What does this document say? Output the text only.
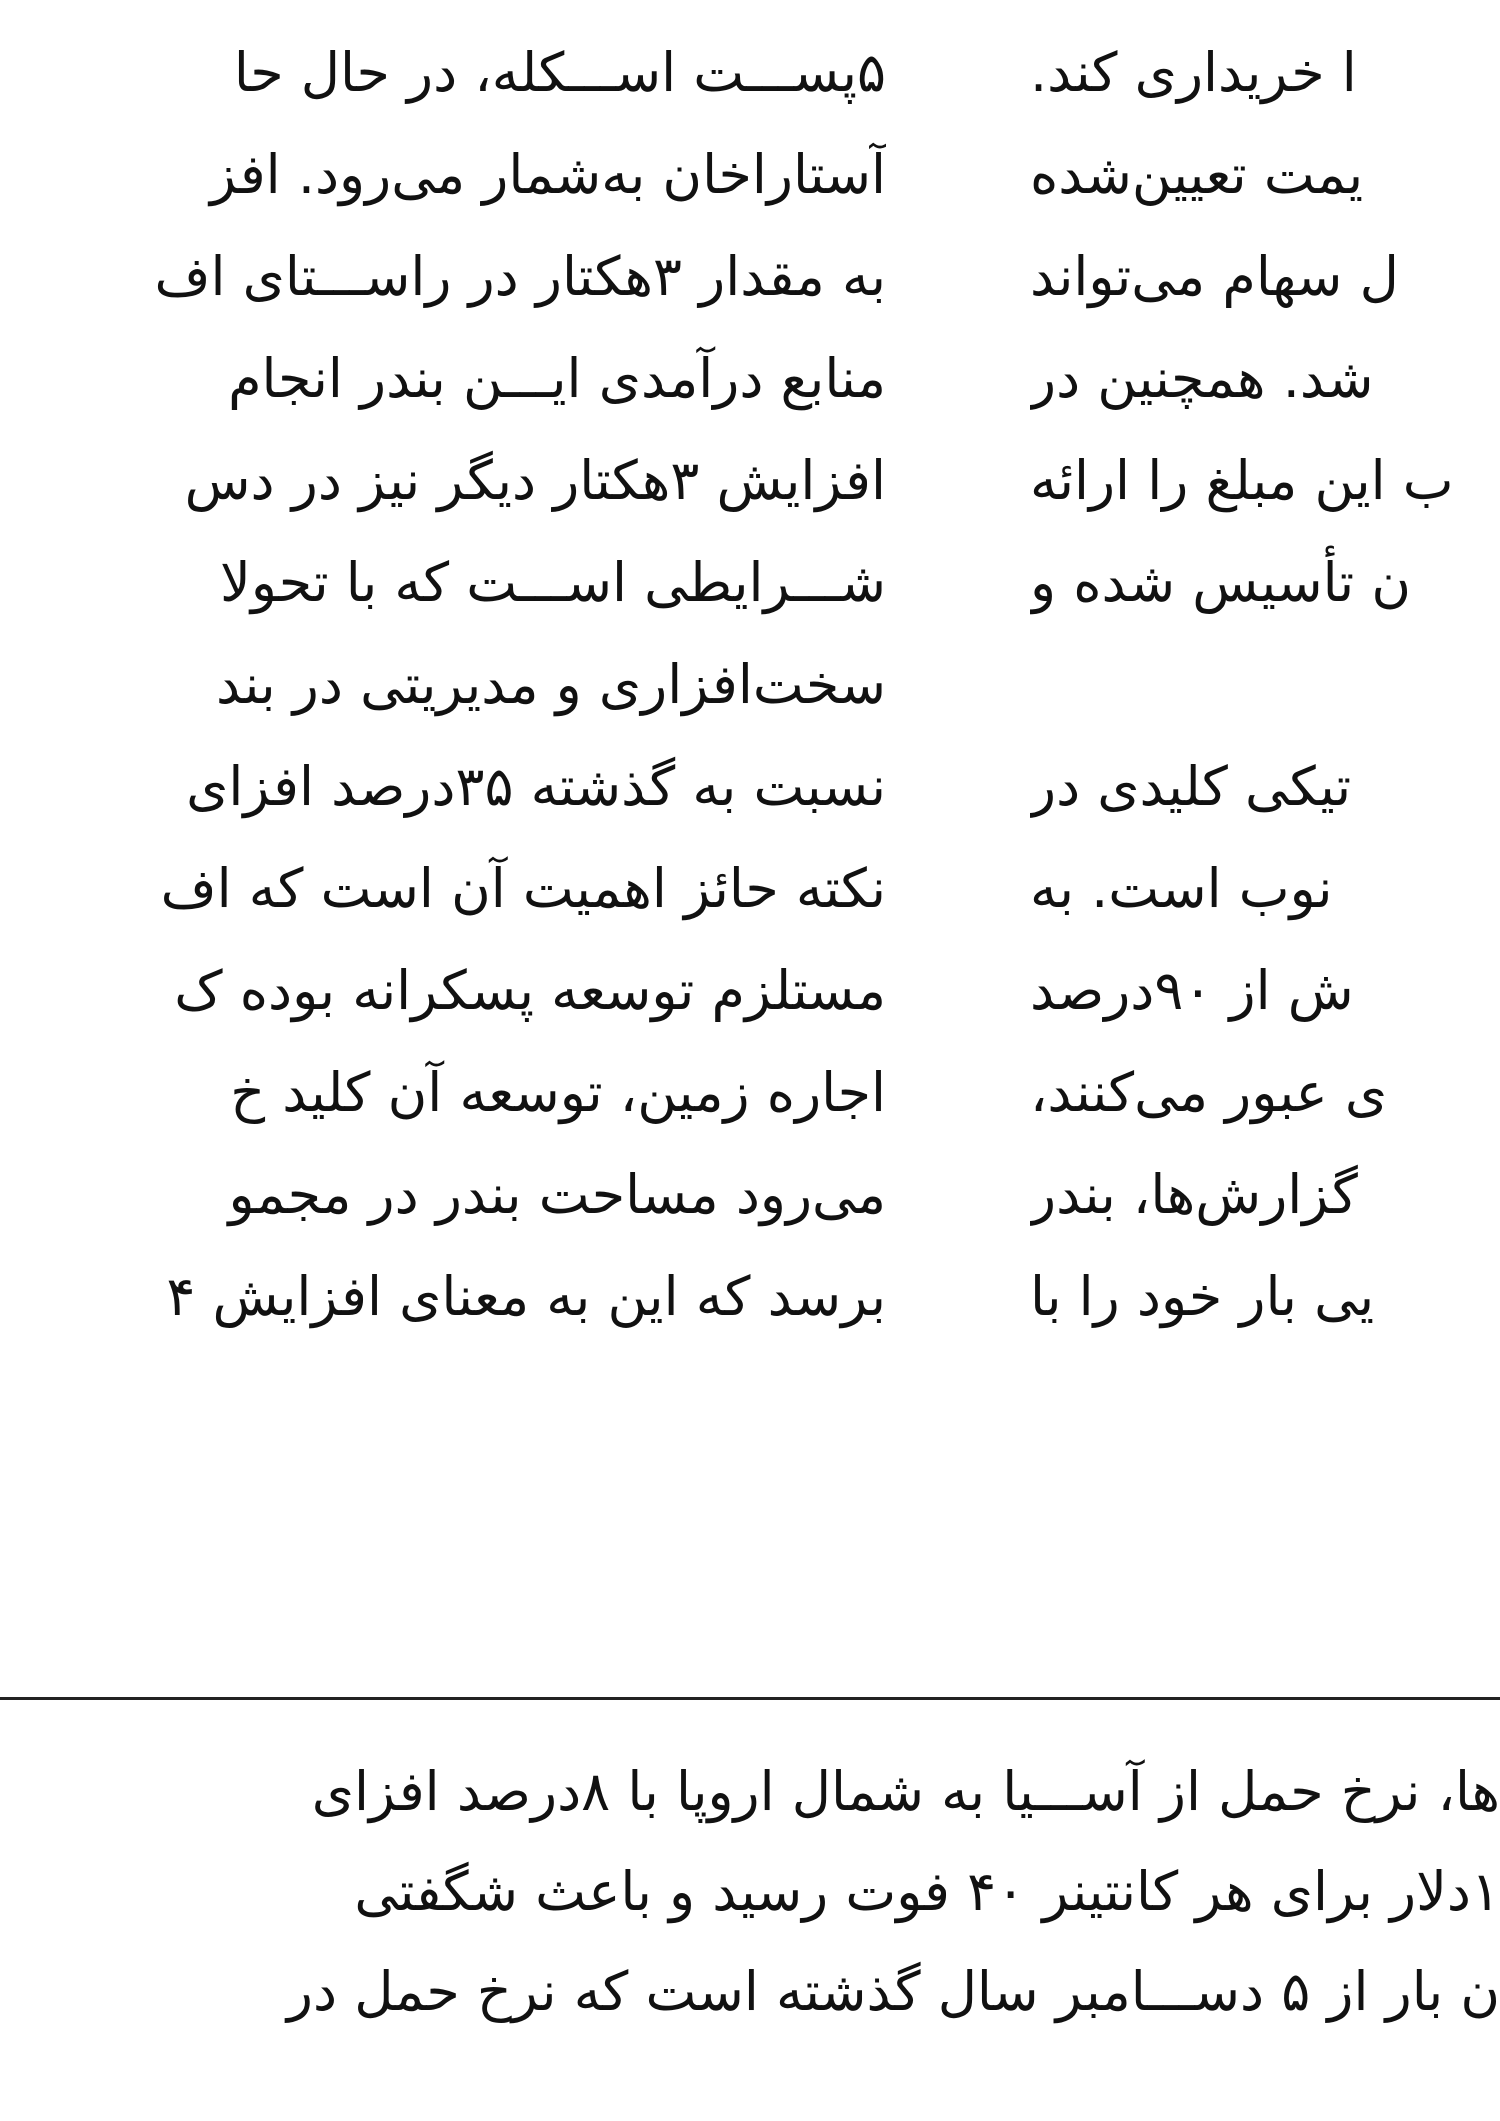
ا خریداری کند.
یمت تعیین‌شده
ل سهام می‌تواند
شد. همچنین در
ب این مبلغ را ارائه
ن تأسیس شده و
تیکی کلیدی در
نوب است. به
ش از ۹۰درصد
ی عبور می‌کنند،
گزارش‌ها، بندر
یی بار خود را با
۵پســـت اســـکله، در حال حا
آستاراخان به‌شمار می‌رود. افز
به مقدار ۳هکتار در راســـتای اف
منابع درآمدی ایـــن بندر انجام
افزایش ۳هکتار دیگر نیز در دس
شـــرایطی اســـت که با تحولا
سخت‌افزاری و مدیریتی در بند
نسبت به گذشته ۳۵درصد افزای
نکته حائز اهمیت آن است که اف
مستلزم توسعه پسکرانه بوده ک
اجاره زمین، توسعه آن کلید خ
می‌رود مساحت بندر در مجمو
برسد که این به معنای افزایش ۴
ها، نرخ حمل از آســـیا به شمال اروپا با ۸درصد افزای
۱دلار برای هر کانتینر ۴۰ فوت رسید و باعث شگفتی
ن بار از ۵ دســـامبر سال گذشته است که نرخ حمل در
